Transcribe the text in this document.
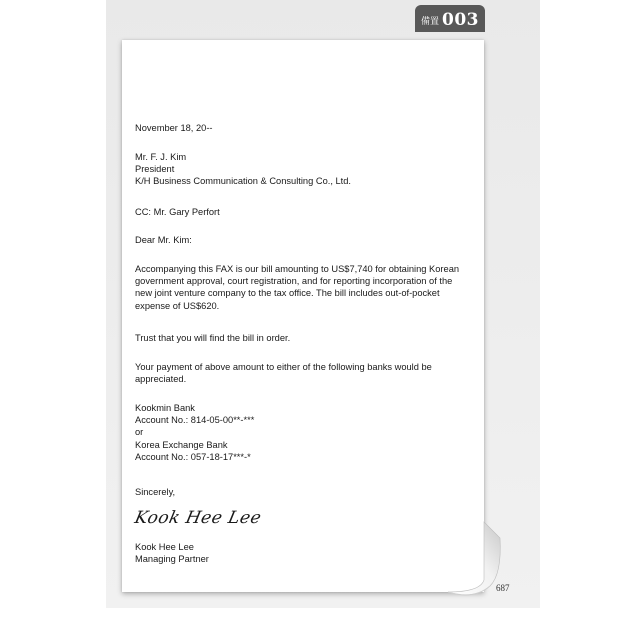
備置 003
November 18, 20--
Mr. F. J. Kim
President
K/H Business Communication & Consulting Co., Ltd.
CC: Mr. Gary Perfort
Dear Mr. Kim:
Accompanying this FAX is our bill amounting to US$7,740 for obtaining Korean
government approval, court registration, and for reporting incorporation of the
new joint venture company to the tax office. The bill includes out-of-pocket
expense of US$620.
Trust that you will find the bill in order.
Your payment of above amount to either of the following banks would be
appreciated.
Kookmin Bank
Account No.: 814-05-00**-***
or
Korea Exchange Bank
Account No.: 057-18-17***-*
Sincerely,
Kook Hee Lee
Managing Partner
Kook Hee Lee
687
